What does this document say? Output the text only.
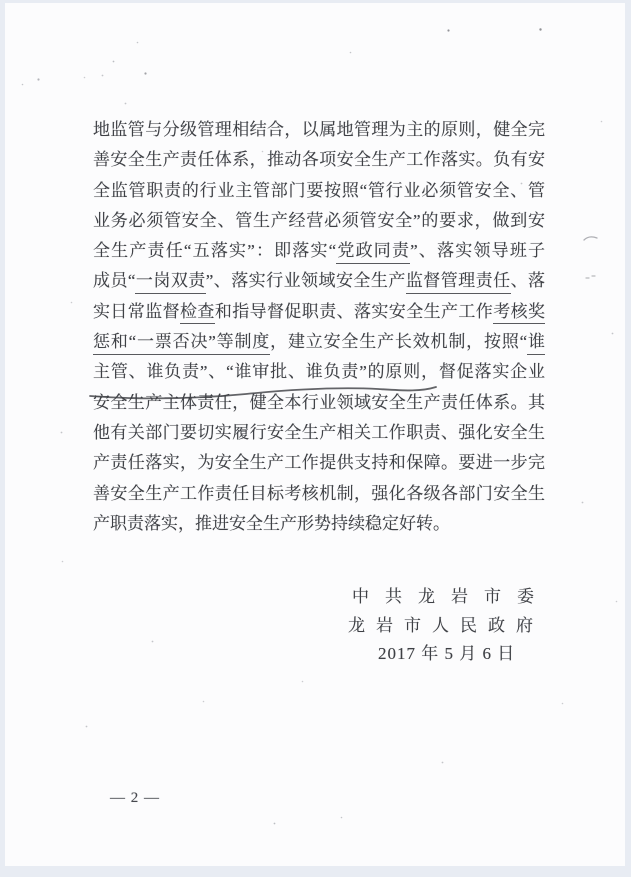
地监管与分级管理相结合，以属地管理为主的原则，健全完
善安全生产责任体系，推动各项安全生产工作落实。负有安
全监管职责的行业主管部门要按照“管行业必须管安全、管
业务必须管安全、管生产经营必须管安全”的要求，做到安
全生产责任“五落实”：即落实“党政同责”、落实领导班子
成员“一岗双责”、落实行业领域安全生产监督管理责任、落
实日常监督检查和指导督促职责、落实安全生产工作考核奖
惩和“一票否决”等制度，建立安全生产长效机制，按照“谁
主管、谁负责”、“谁审批、谁负责”的原则，督促落实企业
安全生产主体责任，健全本行业领域安全生产责任体系。其
他有关部门要切实履行安全生产相关工作职责、强化安全生
产责任落实，为安全生产工作提供支持和保障。要进一步完
善安全生产工作责任目标考核机制，强化各级各部门安全生
产职责落实，推进安全生产形势持续稳定好转。
中共龙岩市委
龙岩市人民政府
2017 年 5 月 6 日
— 2 —
